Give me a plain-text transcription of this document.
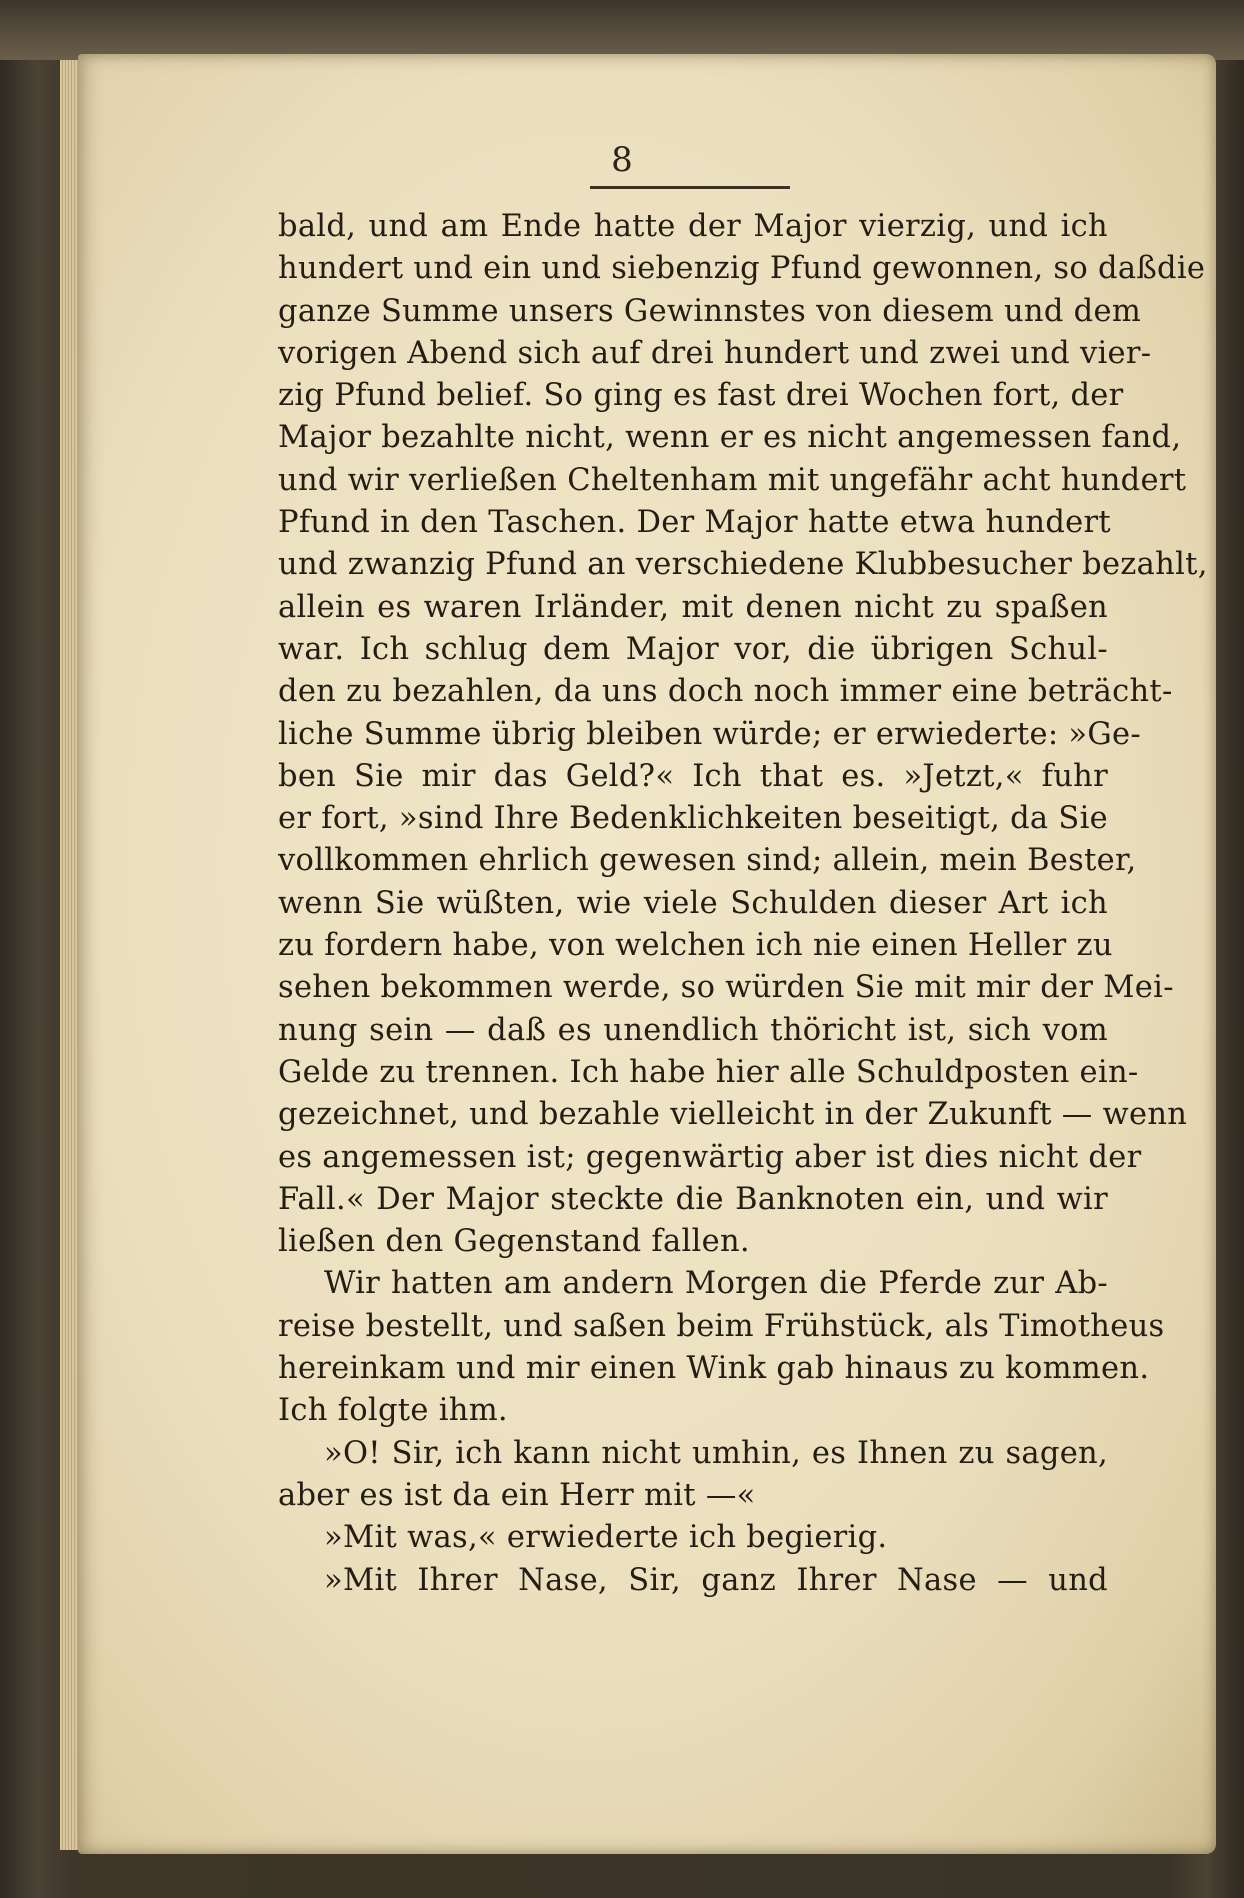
8
bald, und am Ende hatte der Major vierzig, und ich
hundert und ein und siebenzig Pfund gewonnen, so daßdie
ganze Summe unsers Gewinnstes von diesem und dem
vorigen Abend sich auf drei hundert und zwei und vier-
zig Pfund belief. So ging es fast drei Wochen fort, der
Major bezahlte nicht, wenn er es nicht angemessen fand,
und wir verließen Cheltenham mit ungefähr acht hundert
Pfund in den Taschen. Der Major hatte etwa hundert
und zwanzig Pfund an verschiedene Klubbesucher bezahlt,
allein es waren Irländer, mit denen nicht zu spaßen
war. Ich schlug dem Major vor, die übrigen Schul-
den zu bezahlen, da uns doch noch immer eine beträcht-
liche Summe übrig bleiben würde; er erwiederte: »Ge-
ben Sie mir das Geld?« Ich that es. »Jetzt,« fuhr
er fort, »sind Ihre Bedenklichkeiten beseitigt, da Sie
vollkommen ehrlich gewesen sind; allein, mein Bester,
wenn Sie wüßten, wie viele Schulden dieser Art ich
zu fordern habe, von welchen ich nie einen Heller zu
sehen bekommen werde, so würden Sie mit mir der Mei-
nung sein — daß es unendlich thöricht ist, sich vom
Gelde zu trennen. Ich habe hier alle Schuldposten ein-
gezeichnet, und bezahle vielleicht in der Zukunft — wenn
es angemessen ist; gegenwärtig aber ist dies nicht der
Fall.« Der Major steckte die Banknoten ein, und wir
ließen den Gegenstand fallen.
Wir hatten am andern Morgen die Pferde zur Ab-
reise bestellt, und saßen beim Frühstück, als Timotheus
hereinkam und mir einen Wink gab hinaus zu kommen.
Ich folgte ihm.
»O! Sir, ich kann nicht umhin, es Ihnen zu sagen,
aber es ist da ein Herr mit —«
»Mit was,« erwiederte ich begierig.
»Mit Ihrer Nase, Sir, ganz Ihrer Nase — und
